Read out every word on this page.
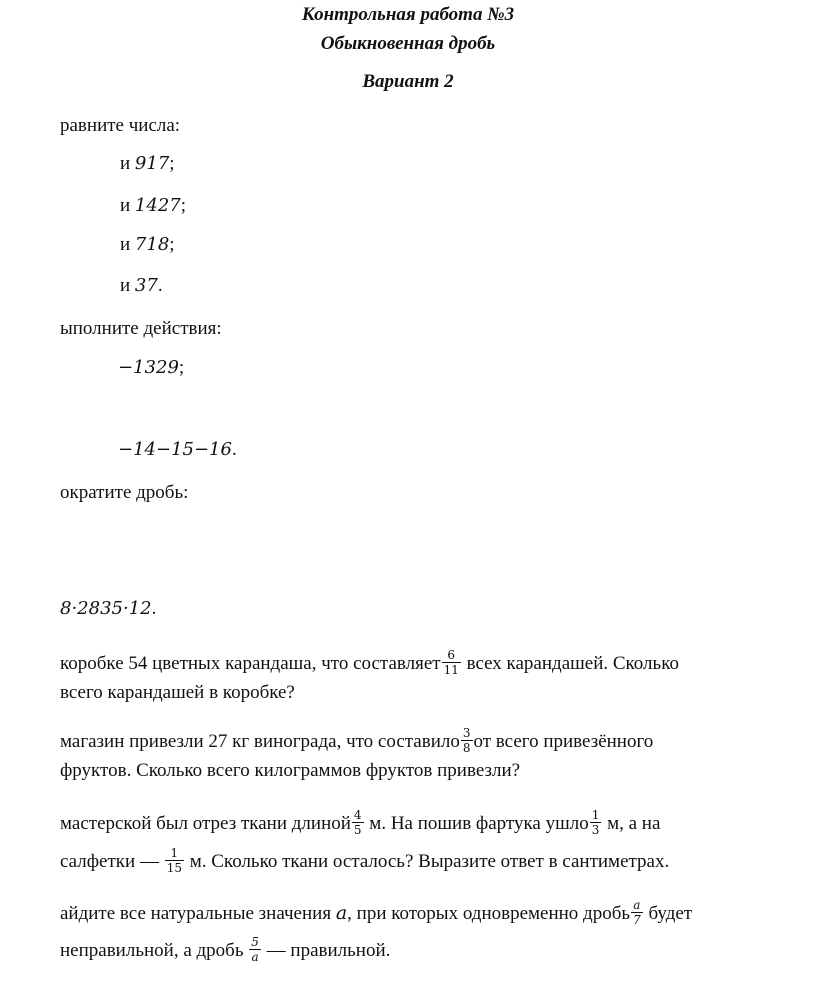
Контрольная работа №3
Обыкновенная дробь
Вариант 2
равните числа:
и 917;
и 1427;
и 718;
и 37.
ыполните действия:
−1329;
−14−15−16.
ократите дробь:
8·2835·12.
коробке 54 цветных карандаша, что составляет $\frac{6}{11}$ всех карандашей. Сколько
всего карандашей в коробке?
магазин привезли 27 кг винограда, что составило $\frac{3}{8}$ от всего привезённого
фруктов. Сколько всего килограммов фруктов привезли?
мастерской был отрез ткани длиной $\frac{4}{5} м$. На пошив фартука ушло $\frac{1}{3} м$, а на
салфетки — $\frac{1}{15} м$. Сколько ткани осталось? Выразите ответ в сантиметрах.
айдите все натуральные значения a, при которых одновременно дробь $\frac{a}{7}$ будет
неправильной, а дробь $\frac{5}{a}$ — правильной.
